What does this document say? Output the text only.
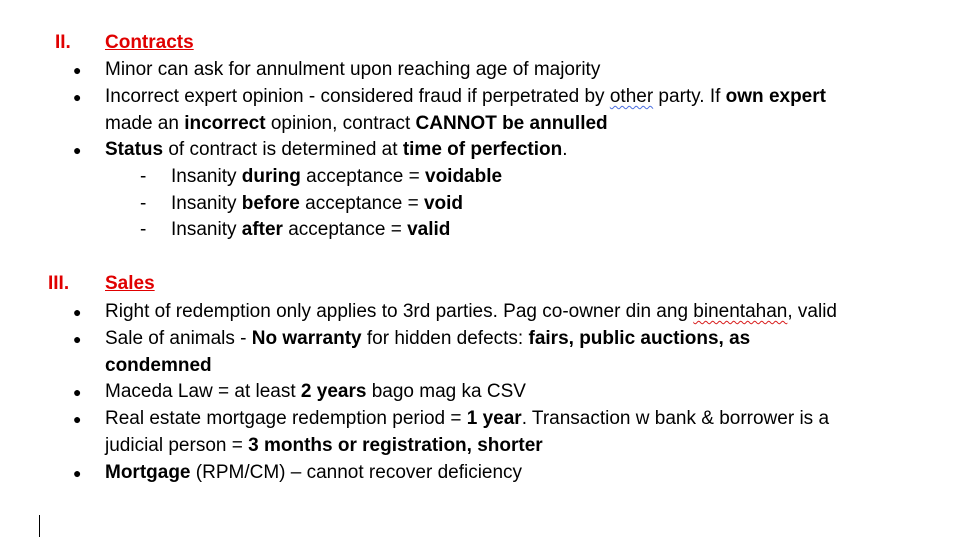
II. Contracts
● Minor can ask for annulment upon reaching age of majority
● Incorrect expert opinion - considered fraud if perpetrated by other party. If own expert
made an incorrect opinion, contract CANNOT be annulled
● Status of contract is determined at time of perfection.
- Insanity during acceptance = voidable
- Insanity before acceptance = void
- Insanity after acceptance = valid
III. Sales
● Right of redemption only applies to 3rd parties. Pag co-owner din ang binentahan, valid
● Sale of animals - No warranty for hidden defects: fairs, public auctions, as
condemned
● Maceda Law = at least 2 years bago mag ka CSV
● Real estate mortgage redemption period = 1 year. Transaction w bank & borrower is a
judicial person = 3 months or registration, shorter
● Mortgage (RPM/CM) – cannot recover deficiency
